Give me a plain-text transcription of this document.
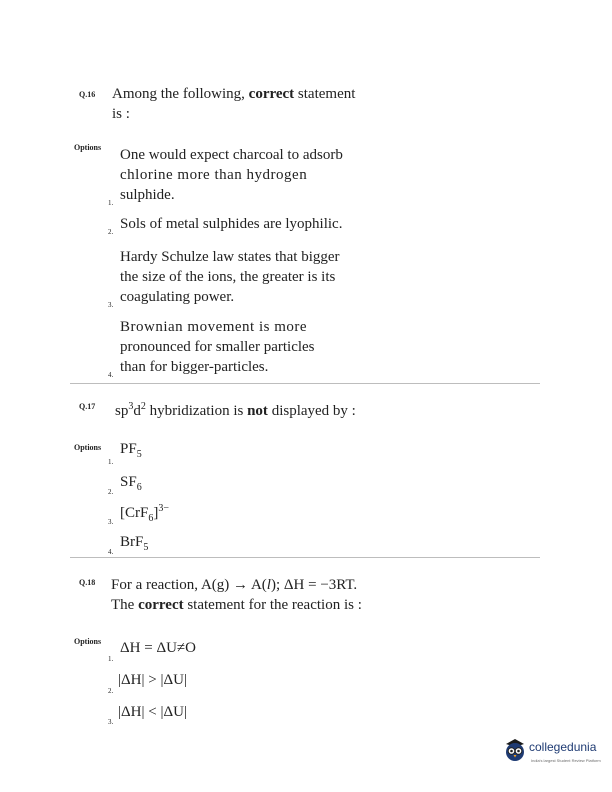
Q.16 Among the following, correct statement
is :
Options One would expect charcoal to adsorb
chlorine more than hydrogen
sulphide.
1.
Sols of metal sulphides are lyophilic.
2.
Hardy Schulze law states that bigger
the size of the ions, the greater is its
coagulating power.
3.
Brownian movement is more
pronounced for smaller particles
than for bigger-particles.
4.
Q.17 $sp^3d^2$ hybridization is not displayed by :
Options $PF_5$
1.
$SF_6$
2.
$[CrF_6]^{3-}$
3.
BrF$_5$
4.
Q.18 For a reaction, A(g) → A(l); ΔH = −3RT.
The correct statement for the reaction is :
Options ΔH = ΔU≠O
1.
|ΔH| > |ΔU|
2.
|ΔH| < |ΔU|
3.
collegedunia
India's largest Student Review Platform
